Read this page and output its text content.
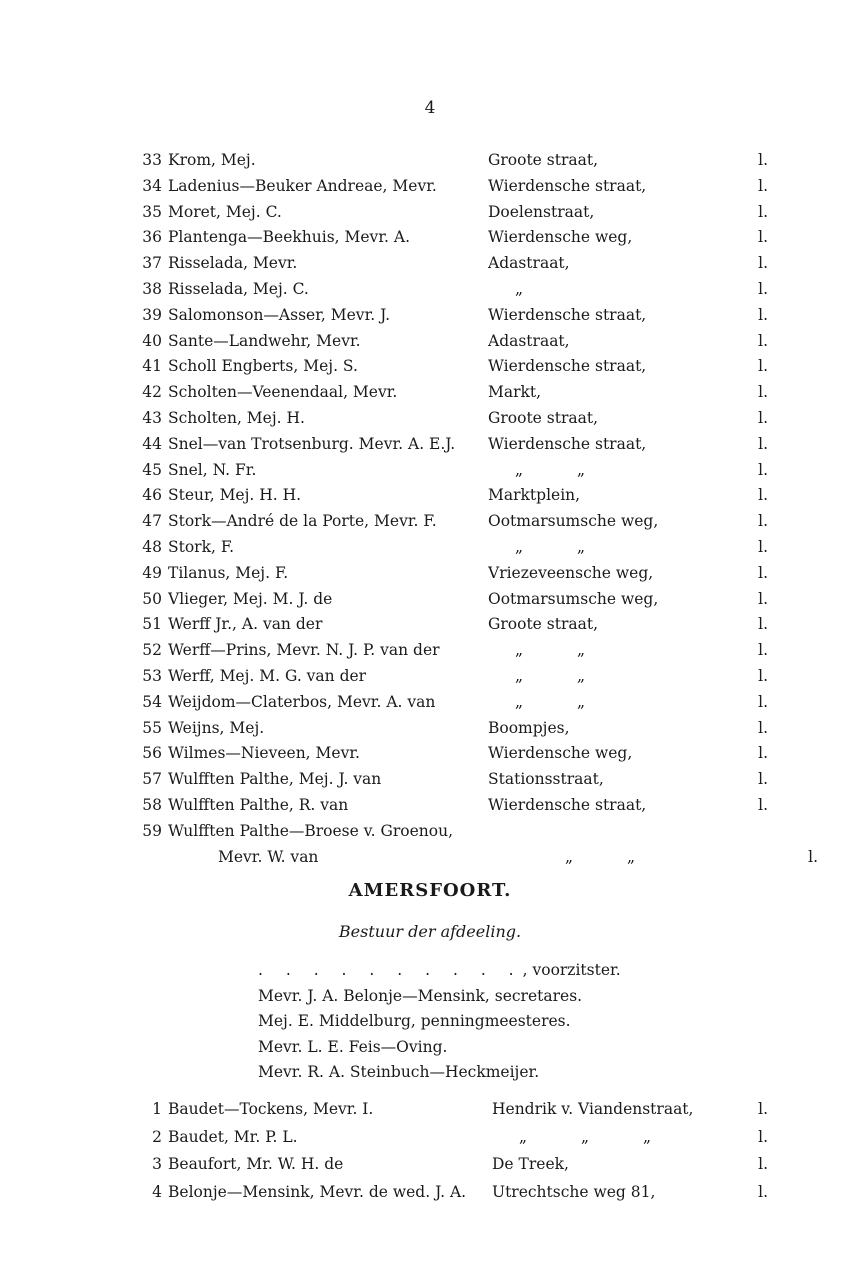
4
33 Krom, Mej.	Groote straat,	l.
34 Ladenius—Beuker Andreae, Mevr.	Wierdensche straat,	l.
35 Moret, Mej. C.	Doelenstraat,	l.
36 Plantenga—Beekhuis, Mevr. A.	Wierdensche weg,	l.
37 Risselada, Mevr.	Adastraat,	l.
38 Risselada, Mej. C.	„	l.
39 Salomonson—Asser, Mevr. J.	Wierdensche straat,	l.
40 Sante—Landwehr, Mevr.	Adastraat,	l.
41 Scholl Engberts, Mej. S.	Wierdensche straat,	l.
42 Scholten—Veenendaal, Mevr.	Markt,	l.
43 Scholten, Mej. H.	Groote straat,	l.
44 Snel—van Trotsenburg. Mevr. A. E.J.	Wierdensche straat,	l.
45 Snel, N. Fr.	„	„	l.
46 Steur, Mej. H. H.	Marktplein,	l.
47 Stork—André de la Porte, Mevr. F.	Ootmarsumsche weg,	l.
48 Stork, F.	„	„	l.
49 Tilanus, Mej. F.	Vriezeveensche weg,	l.
50 Vlieger, Mej. M. J. de	Ootmarsumsche weg,	l.
51 Werff Jr., A. van der	Groote straat,	l.
52 Werff—Prins, Mevr. N. J. P. van der	„	„	l.
53 Werff, Mej. M. G. van der	„	„	l.
54 Weijdom—Claterbos, Mevr. A. van	„	„	l.
55 Weijns, Mej.	Boompjes,	l.
56 Wilmes—Nieveen, Mevr.	Wierdensche weg,	l.
57 Wulfften Palthe, Mej. J. van	Stationsstraat,	l.
58 Wulfften Palthe, R. van	Wierdensche straat,	l.
59 Wulfften Palthe—Broese v. Groenou,
Mevr. W. van	„	„	l.
AMERSFOORT.
Bestuur der afdeeling.
. . . . . . . . . ., voorzitster.
Mevr. J. A. Belonje—Mensink, secretares.
Mej. E. Middelburg, penningmeesteres.
Mevr. L. E. Feis—Oving.
Mevr. R. A. Steinbuch—Heckmeijer.
1 Baudet—Tockens, Mevr. I.	Hendrik v. Viandenstraat,	l.
2 Baudet, Mr. P. L.	„	„	„	l.
3 Beaufort, Mr. W. H. de	De Treek,	l.
4 Belonje—Mensink, Mevr. de wed. J. A.	Utrechtsche weg 81,	l.
